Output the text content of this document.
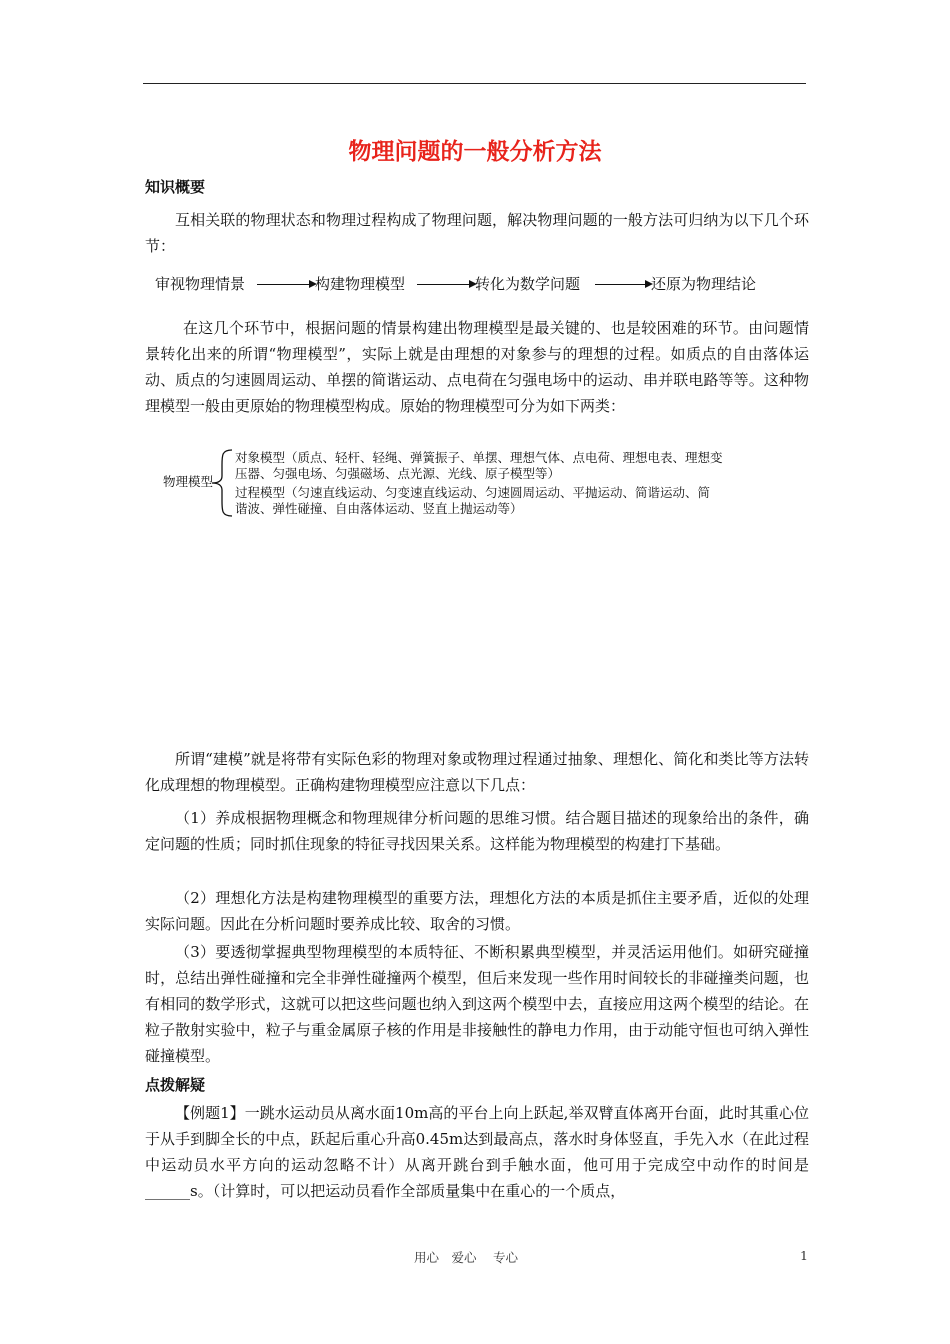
物理问题的一般分析方法
知识概要

互相关联的物理状态和物理过程构成了物理问题，解决物理问题的一般方法可归纳为以下几个环节：

审视物理情景	构建物理模型	转化为数学问题	还原为物理结论

在这几个环节中，根据问题的情景构建出物理模型是最关键的、也是较困难的环节。由问题情景转化出来的所谓“物理模型”，实际上就是由理想的对象参与的理想的过程。如质点的自由落体运动、质点的匀速圆周运动、单摆的简谐运动、点电荷在匀强电场中的运动、串并联电路等等。这种物理模型一般由更原始的物理模型构成。原始的物理模型可分为如下两类：

物理模型
对象模型（质点、轻杆、轻绳、弹簧振子、单摆、理想气体、点电荷、理想电表、理想变
压器、匀强电场、匀强磁场、点光源、光线、原子模型等）
过程模型（匀速直线运动、匀变速直线运动、匀速圆周运动、平抛运动、简谐运动、简
谐波、弹性碰撞、自由落体运动、竖直上抛运动等）

所谓“建模”就是将带有实际色彩的物理对象或物理过程通过抽象、理想化、简化和类比等方法转化成理想的物理模型。正确构建物理模型应注意以下几点：

（1）养成根据物理概念和物理规律分析问题的思维习惯。结合题目描述的现象给出的条件，确定问题的性质；同时抓住现象的特征寻找因果关系。这样能为物理模型的构建打下基础。

（2）理想化方法是构建物理模型的重要方法，理想化方法的本质是抓住主要矛盾，近似的处理实际问题。因此在分析问题时要养成比较、取舍的习惯。

（3）要透彻掌握典型物理模型的本质特征、不断积累典型模型，并灵活运用他们。如研究碰撞时，总结出弹性碰撞和完全非弹性碰撞两个模型，但后来发现一些作用时间较长的非碰撞类问题，也有相同的数学形式，这就可以把这些问题也纳入到这两个模型中去，直接应用这两个模型的结论。在粒子散射实验中，粒子与重金属原子核的作用是非接触性的静电力作用，由于动能守恒也可纳入弹性碰撞模型。

点拨解疑

【例题1】一跳水运动员从离水面10m高的平台上向上跃起,举双臂直体离开台面，此时其重心位于从手到脚全长的中点，跃起后重心升高0.45m达到最高点，落水时身体竖直，手先入水（在此过程中运动员水平方向的运动忽略不计）从离开跳台到手触水面，他可用于完成空中动作的时间是______s。（计算时，可以把运动员看作全部质量集中在重心的一个质点，

用心　爱心　 专心	1
